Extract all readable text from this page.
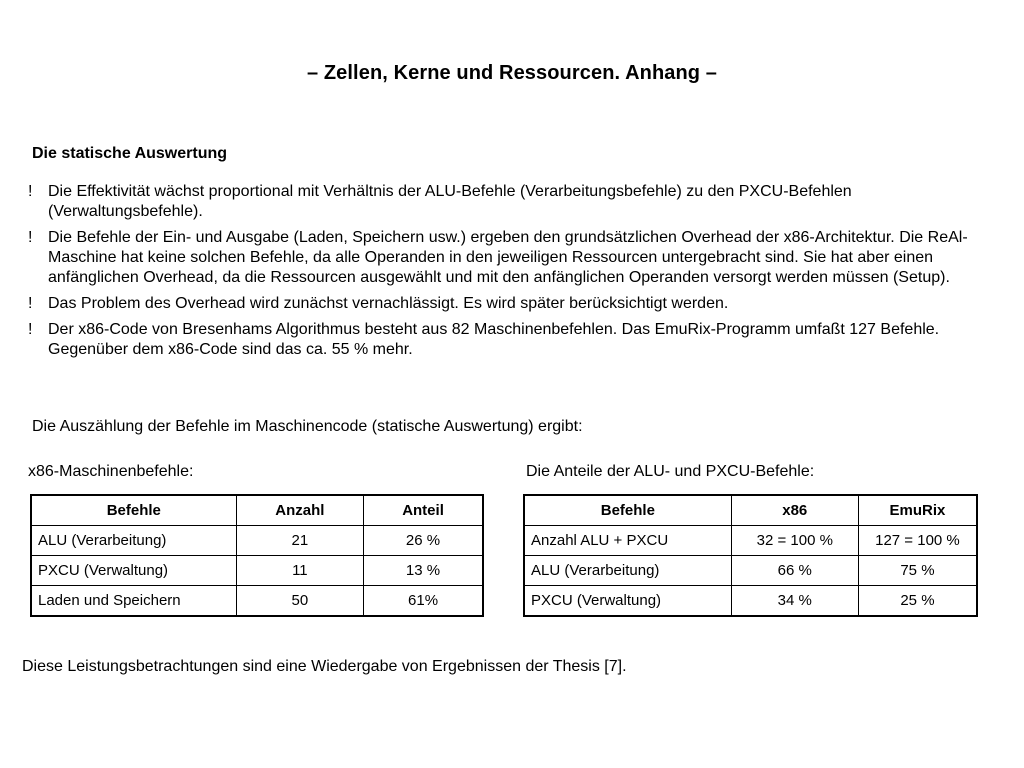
– Zellen, Kerne und Ressourcen. Anhang –
Die statische Auswertung
! Die Effektivität wächst proportional mit Verhältnis der ALU-Befehle (Verarbeitungsbefehle) zu den PXCU-Befehlen (Verwaltungsbefehle).
! Die Befehle der Ein- und Ausgabe (Laden, Speichern usw.) ergeben den grundsätzlichen Overhead der x86-Architektur. Die ReAl-Maschine hat keine solchen Befehle, da alle Operanden in den jeweiligen Ressourcen untergebracht sind. Sie hat aber einen anfänglichen Overhead, da die Ressourcen ausgewählt und mit den anfänglichen Operanden versorgt werden müssen (Setup).
! Das Problem des Overhead wird zunächst vernachlässigt. Es wird später berücksichtigt werden.
! Der x86-Code von Bresenhams Algorithmus besteht aus 82 Maschinenbefehlen. Das EmuRix-Programm umfaßt 127 Befehle. Gegenüber dem x86-Code sind das ca. 55 % mehr.
Die Auszählung der Befehle im Maschinencode (statische Auswertung) ergibt:
x86-Maschinenbefehle:	Die Anteile der ALU- und PXCU-Befehle:
Befehle	Anzahl	Anteil
ALU (Verarbeitung)	21	26 %
PXCU (Verwaltung)	11	13 %
Laden und Speichern	50	61%
Befehle	x86	EmuRix
Anzahl ALU + PXCU	32 = 100 %	127 = 100 %
ALU (Verarbeitung)	66 %	75 %
PXCU (Verwaltung)	34 %	25 %
Diese Leistungsbetrachtungen sind eine Wiedergabe von Ergebnissen der Thesis [7].
